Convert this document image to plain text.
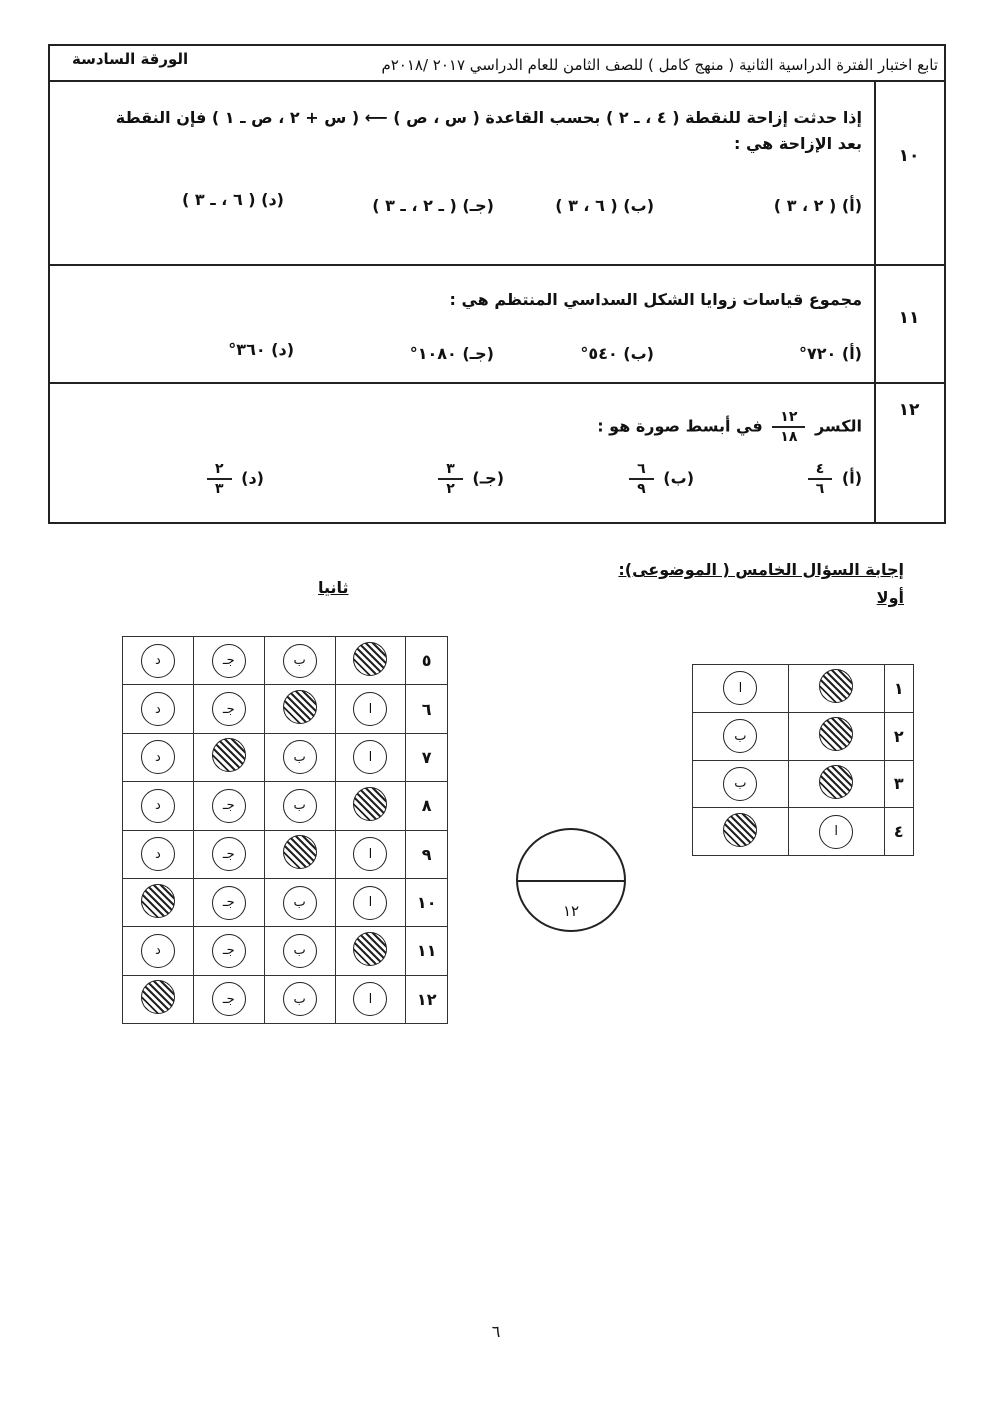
تابع اختبار الفترة الدراسية الثانية ( منهج كامل ) للصف الثامن للعام الدراسي ٢٠١٧ /٢٠١٨م
الورقة السادسة
١٠
إذا حدثت إزاحة للنقطة ( ٤ ، ـ ٢ ) بحسب القاعدة ( س ، ص ) ⟵ ( س + ٢ ، ص ـ ١ ) فإن النقطة
بعد الإزاحة هي :
(أ) ( ٢ ، ٣ )
(ب) ( ٦ ، ٣ )
(جـ) ( ـ ٢ ، ـ ٣ )
(د) ( ٦ ، ـ ٣ )
١١
مجموع قياسات زوايا الشكل السداسي المنتظم هي :
(أ) ٧٢٠°
(ب) ٥٤٠°
(جـ) ١٠٨٠°
(د) ٣٦٠°
١٢
الكسر
$\frac{١٢}{١٨}$
في أبسط صورة هو :
(أ)
$\frac{٤}{٦}$
(ب)
$\frac{٦}{٩}$
(جـ)
$\frac{٣}{٢}$
(د)
$\frac{٢}{٣}$
إجابة السؤال الخامس ( الموضوعى):
أولا
ثانيا
د	جـ	ب		٥
د	جـ		ا	٦
د		ب	ا	٧
د	جـ	ب		٨
د	جـ		ا	٩
	جـ	ب	ا	١٠
د	جـ	ب		١١
	جـ	ب	ا	١٢
ا		١
ب		٢
ب		٣
	ا	٤
١٢
٦
